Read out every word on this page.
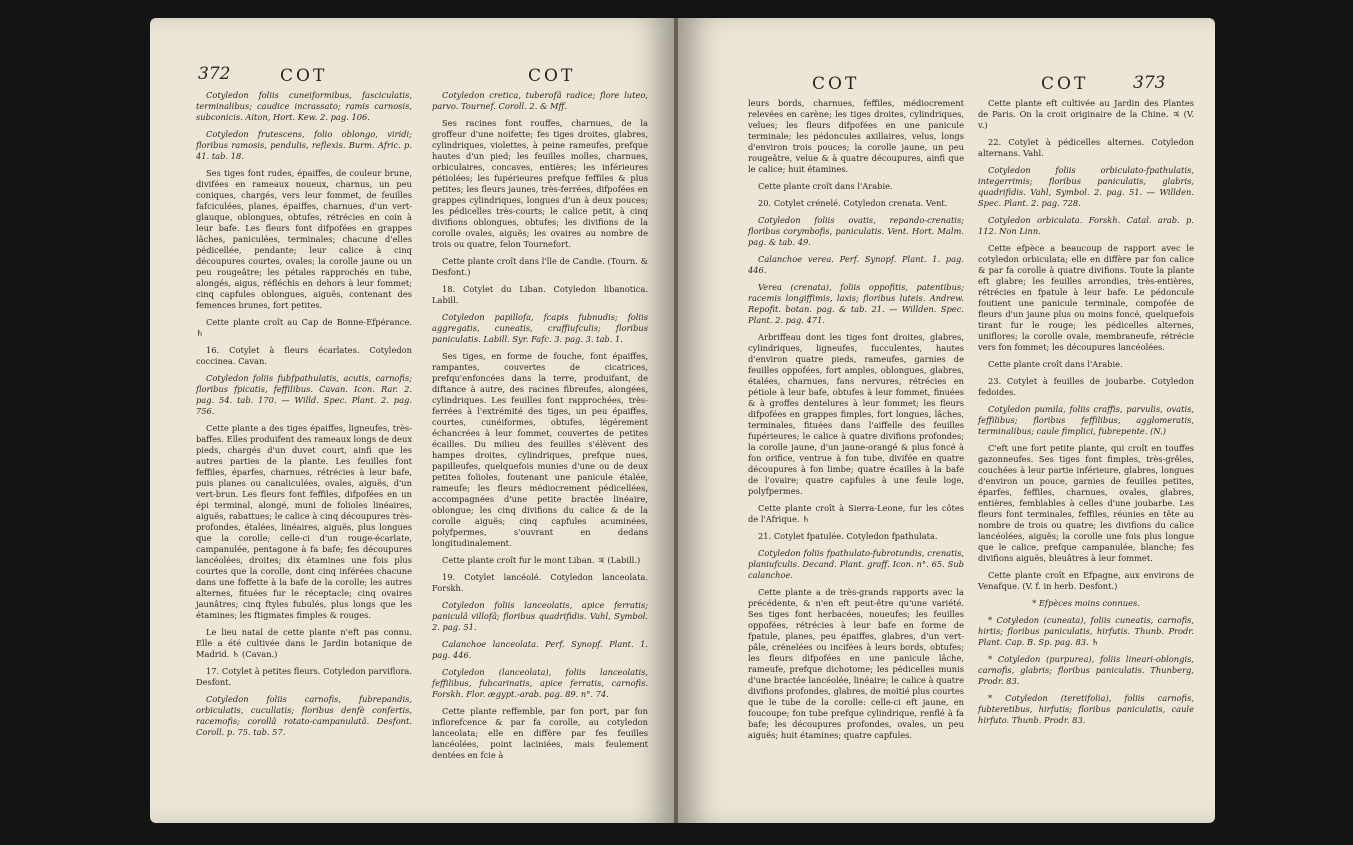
372	COT	COT

Cotyledon foliis cuneiformibus, fasciculatis, terminalibus; caudice incrassato; ramis carnosis, subconicis. Aiton, Hort. Kew. 2. pag. 106.

Cotyledon frutescens, folio oblongo, viridi; floribus ramosis, pendulis, reflexis. Burm. Afric. p. 41. tab. 18.

Ses tiges font rudes, épaiffes, de couleur brune, divifées en rameaux noueux, charnus, un peu coniques, chargés, vers leur fommet, de feuilles fafciculées, planes, épaiffes, charnues, d'un vert-glauque, oblongues, obtufes, rétrécies en coin à leur bafe. Les fleurs font difpofées en grappes lâches, paniculées, terminales; chacune d'elles pédicellée, pendante; leur calice à cinq découpures courtes, ovales; la corolle jaune ou un peu rougeâtre; les pétales rapprochés en tube, alongés, aigus, réfléchis en dehors à leur fommet; cinq capfules oblongues, aiguës, contenant des femences brunes, fort petites.

Cette plante croît au Cap de Bonne-Efpérance. ♄

16. Cotylet à fleurs écarlates. Cotyledon coccinea. Cavan.

Cotyledon foliis fubfpathulatis, acutis, carnofis; floribus fpicatis, feffilibus. Cavan. Icon. Rar. 2. pag. 54. tab. 170. — Willd. Spec. Plant. 2. pag. 756.

Cette plante a des tiges épaiffes, ligneufes, très-baffes. Elles produifent des rameaux longs de deux pieds, chargés d'un duvet court, ainfi que les autres parties de la plante. Les feuilles font feffiles, éparfes, charnues, rétrécies à leur bafe, puis planes ou canaliculées, ovales, aiguës, d'un vert-brun. Les fleurs font feffiles, difpofées en un épi terminal, alongé, muni de folioles linéaires, aiguës, rabattues; le calice à cinq découpures très-profondes, étalées, linéaires, aiguës, plus longues que la corolle; celle-ci d'un rouge-écarlate, campanulée, pentagone à fa bafe; fes découpures lancéolées, droites; dix étamines une fois plus courtes que la corolle, dont cinq inférées chacune dans une foffette à la bafe de la corolle; les autres alternes, fituées fur le réceptacle; cinq ovaires jaunâtres; cinq ftyles fubulés, plus longs que les étamines; les ftigmates fimples & rouges.

Le lieu natal de cette plante n'eft pas connu. Elle a été cultivée dans le Jardin botanique de Madrid. ♄ (Cavan.)

17. Cotylet à petites fleurs. Cotyledon parviflora. Desfont.

Cotyledon foliis carnofis, fubrepandis, orbiculatis, cucullatis; floribus denfè confertis, racemofis; corollâ rotato-campanulatâ. Desfont. Coroll. p. 75. tab. 57.

Cotyledon cretica, tuberofâ radice; flore luteo, parvo. Tournef. Coroll. 2. & Mff.

Ses racines font rouffes, charnues, de la groffeur d'une noifette; fes tiges droites, glabres, cylindriques, violettes, à peine rameufes, prefque hautes d'un pied; les feuilles molles, charnues, orbiculaires, concaves, entières; les inférieures pétiolées; les fupérieures prefque feffiles & plus petites; les fleurs jaunes, très-ferrées, difpofées en grappes cylindriques, longues d'un à deux pouces; les pédicelles très-courts; le calice petit, à cinq divifions oblongues, obtufes; les divifions de la corolle ovales, aiguës; les ovaires au nombre de trois ou quatre, felon Tournefort.

Cette plante croît dans l'île de Candie. (Tourn. & Desfont.)

18. Cotylet du Liban. Cotyledon libanotica. Labill.

Cotyledon papillofa, fcapis fubnudis; foliis aggregatis, cuneatis, craffiufculis; floribus paniculatis. Labill. Syr. Fafc. 3. pag. 3. tab. 1.

Ses tiges, en forme de fouche, font épaiffes, rampantes, couvertes de cicatrices, prefqu'enfoncées dans la terre, produifant, de diftance à autre, des racines fibreufes, alongées, cylindriques. Les feuilles font rapprochées, très-ferrées à l'extrémité des tiges, un peu épaiffes, courtes, cunéiformes, obtufes, légérement échancrées à leur fommet, couvertes de petites écailles. Du milieu des feuilles s'élèvent des hampes droites, cylindriques, prefque nues, papilleufes, quelquefois munies d'une ou de deux petites folioles, foutenant une panicule étalée, rameufe; les fleurs médiocrement pédicellées, accompagnées d'une petite bractée linéaire, oblongue; les cinq divifions du calice & de la corolle aiguës; cinq capfules acuminées, polyfpermes, s'ouvrant en dedans longitudinalement.

Cette plante croît fur le mont Liban. ♃ (Labill.)

19. Cotylet lancéolé. Cotyledon lanceolata. Forskh.

Cotyledon foliis lanceolatis, apice ferratis; paniculâ villofâ; floribus quadrifidis. Vahl, Symbol. 2. pag. 51.

Calanchoe lanceolata. Perf. Synopf. Plant. 1. pag. 446.

Cotyledon (lanceolata), foliis lanceolatis, feffilibus, fubcarinatis, apice ferratis, carnofis. Forskh. Flor. ægypt.-arab. pag. 89. n°. 74.

Cette plante reffemble, par fon port, par fon inflorefcence & par fa corolle, au cotyledon lanceolata; elle en diffère par fes feuilles lancéolées, point laciniées, mais feulement dentées en fcie à

COT	COT	373

leurs bords, charnues, feffiles, médiocrement relevées en carène; les tiges droites, cylindriques, velues; les fleurs difpofées en une panicule terminale; les pédoncules axillaires, velus, longs d'environ trois pouces; la corolle jaune, un peu rougeâtre, velue & à quatre découpures, ainfi que le calice; huit étamines.

Cette plante croît dans l'Arabie.

20. Cotylet crénelé. Cotyledon crenata. Vent.

Cotyledon foliis ovatis, repando-crenatis; floribus corymbofis, paniculatis. Vent. Hort. Malm. pag. & tab. 49.

Calanchoe verea. Perf. Synopf. Plant. 1. pag. 446.

Verea (crenata), foliis oppofitis, patentibus; racemis longiffimis, laxis; floribus luteis. Andrew. Repofit. botan. pag. & tab. 21. — Willden. Spec. Plant. 2. pag. 471.

Arbriffeau dont les tiges font droites, glabres, cylindriques, ligneufes, fucculentes, hautes d'environ quatre pieds, rameufes, garnies de feuilles oppofées, fort amples, oblongues, glabres, étalées, charnues, fans nervures, rétrécies en pétiole à leur bafe, obtufes à leur fommet, finuées & à groffes dentelures à leur fommet; les fleurs difpofées en grappes fimples, fort longues, lâches, terminales, fituées dans l'aiffelle des feuilles fupérieures; le calice à quatre divifions profondes; la corolle jaune, d'un jaune-orangé & plus foncé à fon orifice, ventrue à fon tube, divifée en quatre découpures à fon limbe; quatre écailles à la bafe de l'ovaire; quatre capfules à une feule loge, polyfpermes.

Cette plante croît à Sierra-Leone, fur les côtes de l'Afrique. ♄

21. Cotylet fpatulée. Cotyledon fpathulata.

Cotyledon foliis fpathulato-fubrotundis, crenatis, planiufculis. Decand. Plant. graff. Icon. n°. 65. Sub calanchoe.

Cette plante a de très-grands rapports avec la précédente, & n'en eft peut-être qu'une variété. Ses tiges font herbacées, noueufes; les feuilles oppofées, rétrécies à leur bafe en forme de fpatule, planes, peu épaiffes, glabres, d'un vert-pâle, crénelées ou incifées à leurs bords, obtufes; les fleurs difpofées en une panicule lâche, rameufe, prefque dichotome; les pédicelles munis d'une bractée lancéolée, linéaire; le calice à quatre divifions profondes, glabres, de moitié plus courtes que le tube de la corolle: celle-ci eft jaune, en foucoupe; fon tube prefque cylindrique, renflé à fa bafe; les découpures profondes, ovales, un peu aiguës; huit étamines; quatre capfules.

Cette plante eft cultivée au Jardin des Plantes de Paris. On la croit originaire de la Chine. ♃ (V. v.)

22. Cotylet à pédicelles alternes. Cotyledon alternans. Vahl.

Cotyledon foliis orbiculato-fpathulatis, integerrimis; floribus paniculatis, glabris, quadrifidis. Vahl, Symbol. 2. pag. 51. — Willden. Spec. Plant. 2. pag. 728.

Cotyledon orbiculata. Forskh. Catal. arab. p. 112. Non Linn.

Cette efpèce a beaucoup de rapport avec le cotyledon orbiculata; elle en diffère par fon calice & par fa corolle à quatre divifions. Toute la plante eft glabre; les feuilles arrondies, très-entières, rétrécies en fpatule à leur bafe. Le pédoncule foutient une panicule terminale, compofée de fleurs d'un jaune plus ou moins foncé, quelquefois tirant fur le rouge; les pédicelles alternes, uniflores; la corolle ovale, membraneufe, rétrécie vers fon fommet; les découpures lancéolées.

Cette plante croît dans l'Arabie.

23. Cotylet à feuilles de joubarbe. Cotyledon fedoides.

Cotyledon pumila, foliis craffis, parvulis, ovatis, feffilibus; floribus feffilibus, agglomeratis, terminalibus; caule fimplici, fubrepente. (N.)

C'eft une fort petite plante, qui croît en touffes gazonneufes. Ses tiges font fimples, très-grêles, couchées à leur partie inférieure, glabres, longues d'environ un pouce, garnies de feuilles petites, éparfes, feffiles, charnues, ovales, glabres, entières, femblables à celles d'une joubarbe. Les fleurs font terminales, feffiles, réunies en tête au nombre de trois ou quatre; les divifions du calice lancéolées, aiguës; la corolle une fois plus longue que le calice, prefque campanulée, blanche; fes divifions aiguës, bleuâtres à leur fommet.

Cette plante croît en Efpagne, aux environs de Venafque. (V. f. in herb. Desfont.)

* Efpèces moins connues.

* Cotyledon (cuneata), foliis cuneatis, carnofis, hirtis; floribus paniculatis, hirfutis. Thunb. Prodr. Plant. Cap. B. Sp. pag. 83. ♄

* Cotyledon (purpurea), foliis lineari-oblongis, carnofis, glabris; floribus paniculatis. Thunberg, Prodr. 83.

* Cotyledon (teretifolia), foliis carnofis, fubteretibus, hirfutis; floribus paniculatis, caule hirfuto. Thunb. Prodr. 83.
